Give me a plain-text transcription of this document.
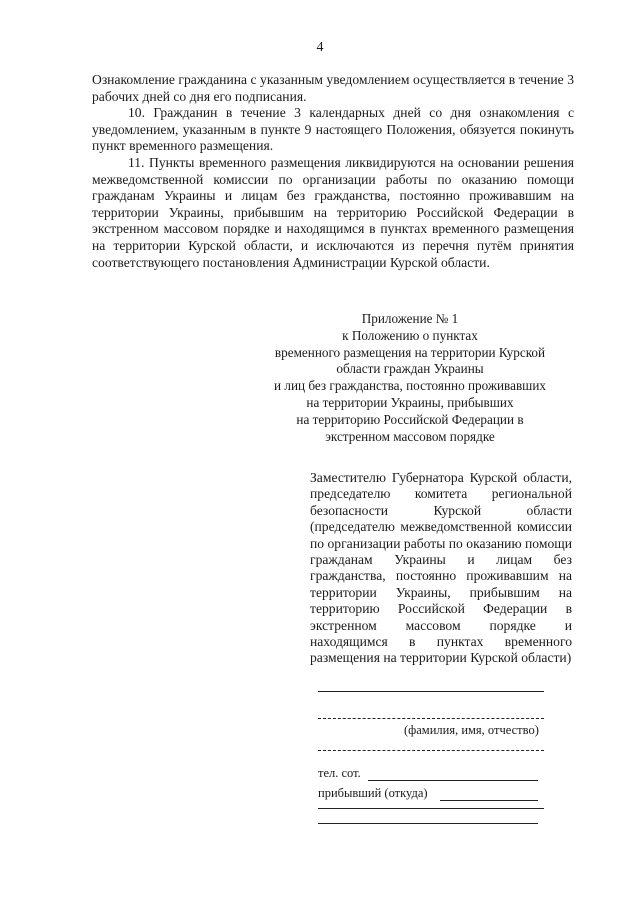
4

Ознакомление гражданина с указанным уведомлением осуществляется в течение 3 рабочих дней со дня его подписания.

10. Гражданин в течение 3 календарных дней со дня ознакомления с уведомлением, указанным в пункте 9 настоящего Положения, обязуется покинуть пункт временного размещения.

11. Пункты временного размещения ликвидируются на основании решения межведомственной комиссии по организации работы по оказанию помощи гражданам Украины и лицам без гражданства, постоянно проживавшим на территории Украины, прибывшим на территорию Российской Федерации в экстренном массовом порядке и находящимся в пунктах временного размещения на территории Курской области, и исключаются из перечня путём принятия соответствующего постановления Администрации Курской области.

Приложение № 1
к Положению о пунктах
временного размещения на территории Курской
области граждан Украины
и лиц без гражданства, постоянно проживавших
на территории Украины, прибывших
на территорию Российской Федерации в
экстренном массовом порядке
Заместителю Губернатора Курской области, председателю комитета региональной безопасности Курской области (председателю межведомственной комиссии по организации работы по оказанию помощи гражданам Украины и лицам без гражданства, постоянно проживавшим на территории Украины, прибывшим на территорию Российской Федерации в экстренном массовом порядке и находящимся в пунктах временного размещения на территории Курской области)
(фамилия, имя, отчество)
тел. сот.
прибывший (откуда)
